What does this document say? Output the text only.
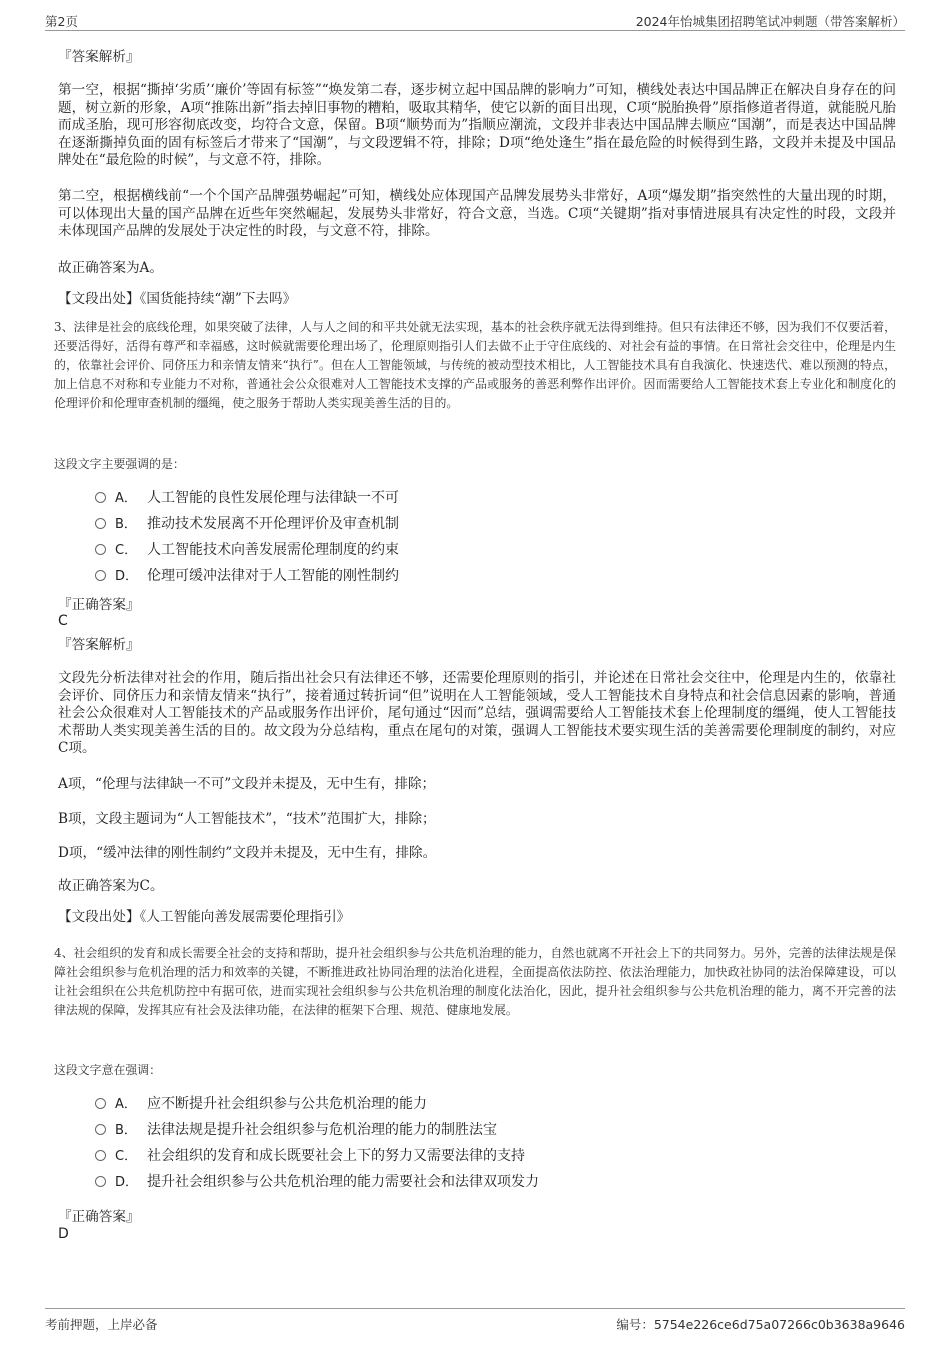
第2页	2024年怡城集团招聘笔试冲刺题（带答案解析）
『答案解析』
第一空，根据“撕掉‘劣质’‘廉价’等固有标签”“焕发第二春，逐步树立起中国品牌的影响力”可知，横线处表达中国品牌正在解决自身存在的问题，树立新的形象，A项“推陈出新”指去掉旧事物的糟粕，吸取其精华，使它以新的面目出现，C项“脱胎换骨”原指修道者得道，就能脱凡胎而成圣胎，现可形容彻底改变，均符合文意，保留。B项“顺势而为”指顺应潮流，文段并非表达中国品牌去顺应“国潮”，而是表达中国品牌在逐渐撕掉负面的固有标签后才带来了“国潮”，与文段逻辑不符，排除；D项“绝处逢生”指在最危险的时候得到生路，文段并未提及中国品牌处在“最危险的时候”，与文意不符，排除。
第二空，根据横线前“一个个国产品牌强势崛起”可知，横线处应体现国产品牌发展势头非常好，A项“爆发期”指突然性的大量出现的时期，可以体现出大量的国产品牌在近些年突然崛起，发展势头非常好，符合文意，当选。C项“关键期”指对事情进展具有决定性的时段，文段并未体现国产品牌的发展处于决定性的时段，与文意不符，排除。
故正确答案为A。
【文段出处】《国货能持续“潮”下去吗》
3、法律是社会的底线伦理，如果突破了法律，人与人之间的和平共处就无法实现，基本的社会秩序就无法得到维持。但只有法律还不够，因为我们不仅要活着，还要活得好，活得有尊严和幸福感，这时候就需要伦理出场了，伦理原则指引人们去做不止于守住底线的、对社会有益的事情。在日常社会交往中，伦理是内生的，依靠社会评价、同侪压力和亲情友情来“执行”。但在人工智能领域，与传统的被动型技术相比，人工智能技术具有自我演化、快速迭代、难以预测的特点，加上信息不对称和专业能力不对称，普通社会公众很难对人工智能技术支撑的产品或服务的善恶利弊作出评价。因而需要给人工智能技术套上专业化和制度化的伦理评价和伦理审查机制的缰绳，使之服务于帮助人类实现美善生活的目的。
这段文字主要强调的是：
A． 人工智能的良性发展伦理与法律缺一不可
B． 推动技术发展离不开伦理评价及审查机制
C． 人工智能技术向善发展需伦理制度的约束
D． 伦理可缓冲法律对于人工智能的刚性制约
『正确答案』
C
『答案解析』
文段先分析法律对社会的作用，随后指出社会只有法律还不够，还需要伦理原则的指引，并论述在日常社会交往中，伦理是内生的，依靠社会评价、同侪压力和亲情友情来“执行”，接着通过转折词“但”说明在人工智能领域，受人工智能技术自身特点和社会信息因素的影响，普通社会公众很难对人工智能技术的产品或服务作出评价，尾句通过“因而”总结，强调需要给人工智能技术套上伦理制度的缰绳，使人工智能技术帮助人类实现美善生活的目的。故文段为分总结构，重点在尾句的对策，强调人工智能技术要实现生活的美善需要伦理制度的制约，对应C项。
A项，“伦理与法律缺一不可”文段并未提及，无中生有，排除；
B项，文段主题词为“人工智能技术”，“技术”范围扩大，排除；
D项，“缓冲法律的刚性制约”文段并未提及，无中生有，排除。
故正确答案为C。
【文段出处】《人工智能向善发展需要伦理指引》
4、社会组织的发育和成长需要全社会的支持和帮助，提升社会组织参与公共危机治理的能力，自然也就离不开社会上下的共同努力。另外，完善的法律法规是保障社会组织参与危机治理的活力和效率的关键，不断推进政社协同治理的法治化进程，全面提高依法防控、依法治理能力，加快政社协同的法治保障建设，可以让社会组织在公共危机防控中有据可依，进而实现社会组织参与公共危机治理的制度化法治化，因此，提升社会组织参与公共危机治理的能力，离不开完善的法律法规的保障，发挥其应有社会及法律功能，在法律的框架下合理、规范、健康地发展。
这段文字意在强调：
A． 应不断提升社会组织参与公共危机治理的能力
B． 法律法规是提升社会组织参与危机治理的能力的制胜法宝
C． 社会组织的发育和成长既要社会上下的努力又需要法律的支持
D． 提升社会组织参与公共危机治理的能力需要社会和法律双项发力
『正确答案』
D
考前押题，上岸必备	编号：5754e226ce6d75a07266c0b3638a9646
